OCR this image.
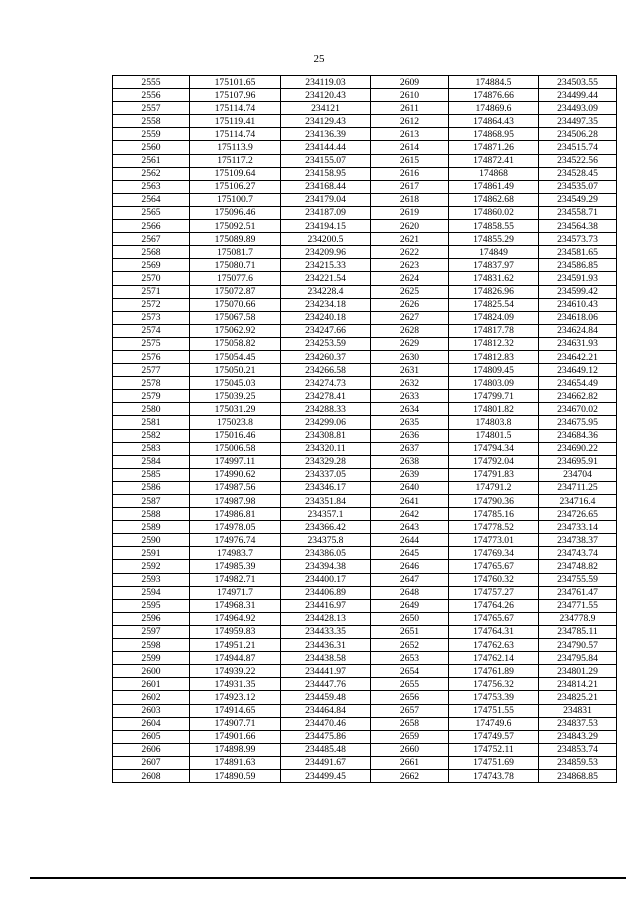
25
2555	175101.65	234119.03	2609	174884.5	234503.55
2556	175107.96	234120.43	2610	174876.66	234499.44
2557	175114.74	234121	2611	174869.6	234493.09
2558	175119.41	234129.43	2612	174864.43	234497.35
2559	175114.74	234136.39	2613	174868.95	234506.28
2560	175113.9	234144.44	2614	174871.26	234515.74
2561	175117.2	234155.07	2615	174872.41	234522.56
2562	175109.64	234158.95	2616	174868	234528.45
2563	175106.27	234168.44	2617	174861.49	234535.07
2564	175100.7	234179.04	2618	174862.68	234549.29
2565	175096.46	234187.09	2619	174860.02	234558.71
2566	175092.51	234194.15	2620	174858.55	234564.38
2567	175089.89	234200.5	2621	174855.29	234573.73
2568	175081.7	234209.96	2622	174849	234581.65
2569	175080.71	234215.33	2623	174837.97	234586.85
2570	175077.6	234221.54	2624	174831.62	234591.93
2571	175072.87	234228.4	2625	174826.96	234599.42
2572	175070.66	234234.18	2626	174825.54	234610.43
2573	175067.58	234240.18	2627	174824.09	234618.06
2574	175062.92	234247.66	2628	174817.78	234624.84
2575	175058.82	234253.59	2629	174812.32	234631.93
2576	175054.45	234260.37	2630	174812.83	234642.21
2577	175050.21	234266.58	2631	174809.45	234649.12
2578	175045.03	234274.73	2632	174803.09	234654.49
2579	175039.25	234278.41	2633	174799.71	234662.82
2580	175031.29	234288.33	2634	174801.82	234670.02
2581	175023.8	234299.06	2635	174803.8	234675.95
2582	175016.46	234308.81	2636	174801.5	234684.36
2583	175006.58	234320.11	2637	174794.34	234690.22
2584	174997.11	234329.28	2638	174792.04	234695.91
2585	174990.62	234337.05	2639	174791.83	234704
2586	174987.56	234346.17	2640	174791.2	234711.25
2587	174987.98	234351.84	2641	174790.36	234716.4
2588	174986.81	234357.1	2642	174785.16	234726.65
2589	174978.05	234366.42	2643	174778.52	234733.14
2590	174976.74	234375.8	2644	174773.01	234738.37
2591	174983.7	234386.05	2645	174769.34	234743.74
2592	174985.39	234394.38	2646	174765.67	234748.82
2593	174982.71	234400.17	2647	174760.32	234755.59
2594	174971.7	234406.89	2648	174757.27	234761.47
2595	174968.31	234416.97	2649	174764.26	234771.55
2596	174964.92	234428.13	2650	174765.67	234778.9
2597	174959.83	234433.35	2651	174764.31	234785.11
2598	174951.21	234436.31	2652	174762.63	234790.57
2599	174944.87	234438.58	2653	174762.14	234795.84
2600	174939.22	234441.97	2654	174761.89	234801.29
2601	174931.35	234447.76	2655	174756.32	234814.21
2602	174923.12	234459.48	2656	174753.39	234825.21
2603	174914.65	234464.84	2657	174751.55	234831
2604	174907.71	234470.46	2658	174749.6	234837.53
2605	174901.66	234475.86	2659	174749.57	234843.29
2606	174898.99	234485.48	2660	174752.11	234853.74
2607	174891.63	234491.67	2661	174751.69	234859.53
2608	174890.59	234499.45	2662	174743.78	234868.85
